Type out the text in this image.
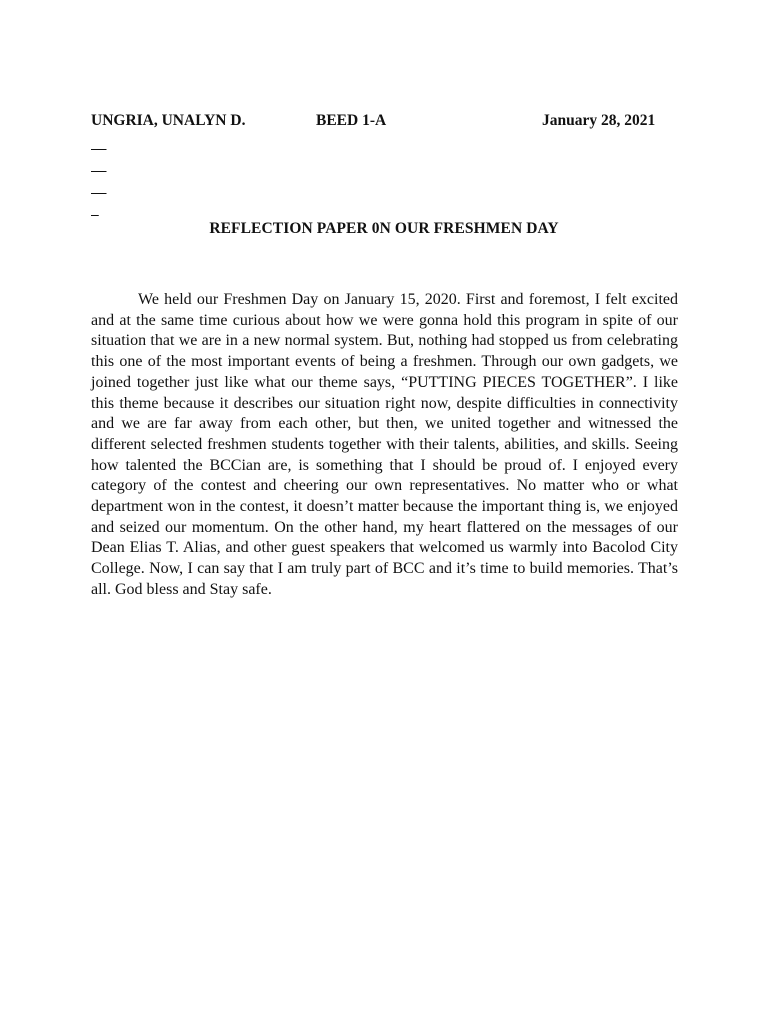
UNGRIA, UNALYN D.

	BEED 1-A

	January 28, 2021

REFLECTION PAPER 0N OUR FRESHMEN DAY

We held our Freshmen Day on January 15, 2020. First and foremost, I felt excited and at the same time curious about how we were gonna hold this program in spite of our situation that we are in a new normal system. But, nothing had stopped us from celebrating this one of the most important events of being a freshmen. Through our own gadgets, we joined together just like what our theme says, “PUTTING PIECES TOGETHER”. I like this theme because it describes our situation right now, despite difficulties in connectivity and we are far away from each other, but then, we united together and witnessed the different selected freshmen students together with their talents, abilities, and skills. Seeing how talented the BCCian are, is something that I should be proud of. I enjoyed every category of the contest and cheering our own representatives. No matter who or what department won in the contest, it doesn’t matter because the important thing is, we enjoyed and seized our momentum. On the other hand, my heart flattered on the messages of our Dean Elias T. Alias, and other guest speakers that welcomed us warmly into Bacolod City College. Now, I can say that I am truly part of BCC and it’s time to build memories. That’s all. God bless and Stay safe.
